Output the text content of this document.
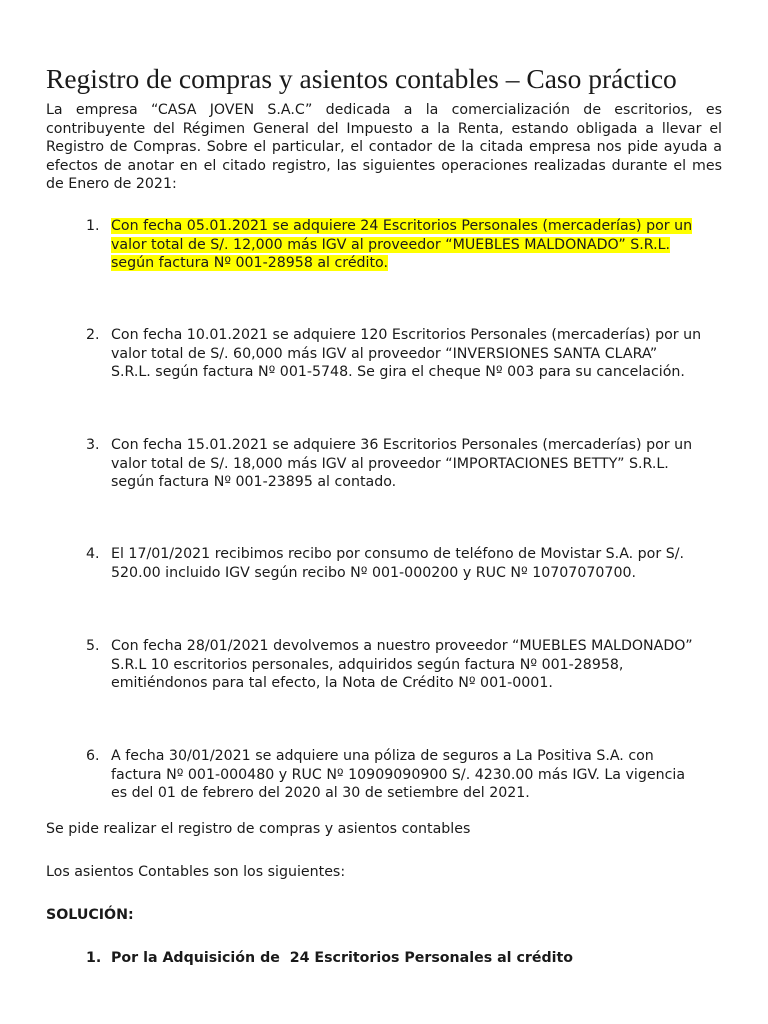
Registro de compras y asientos contables – Caso práctico

La empresa “CASA JOVEN S.A.C” dedicada a la comercialización de escritorios, es contribuyente del Régimen General del Impuesto a la Renta, estando obligada a llevar el Registro de Compras. Sobre el particular, el contador de la citada empresa nos pide ayuda a efectos de anotar en el citado registro, las siguientes operaciones realizadas durante el mes de Enero de 2021:

1. Con fecha 05.01.2021 se adquiere 24 Escritorios Personales (mercaderías) por un
valor total de S/. 12,000 más IGV al proveedor “MUEBLES MALDONADO” S.R.L.
según factura Nº 001-28958 al crédito.
2. Con fecha 10.01.2021 se adquiere 120 Escritorios Personales (mercaderías) por un
valor total de S/. 60,000 más IGV al proveedor “INVERSIONES SANTA CLARA”
S.R.L. según factura Nº 001-5748. Se gira el cheque Nº 003 para su cancelación.
3. Con fecha 15.01.2021 se adquiere 36 Escritorios Personales (mercaderías) por un
valor total de S/. 18,000 más IGV al proveedor “IMPORTACIONES BETTY” S.R.L.
según factura Nº 001-23895 al contado.
4. El 17/01/2021 recibimos recibo por consumo de teléfono de Movistar S.A. por S/.
520.00 incluido IGV según recibo Nº 001-000200 y RUC Nº 10707070700.
5. Con fecha 28/01/2021 devolvemos a nuestro proveedor “MUEBLES MALDONADO”
S.R.L 10 escritorios personales, adquiridos según factura Nº 001-28958,
emitiéndonos para tal efecto, la Nota de Crédito Nº 001-0001.
6. A fecha 30/01/2021 se adquiere una póliza de seguros a La Positiva S.A. con
factura Nº 001-000480 y RUC Nº 10909090900 S/. 4230.00 más IGV. La vigencia
es del 01 de febrero del 2020 al 30 de setiembre del 2021.

Se pide realizar el registro de compras y asientos contables

Los asientos Contables son los siguientes:

SOLUCIÓN:

1. Por la Adquisición de  24 Escritorios Personales al crédito
